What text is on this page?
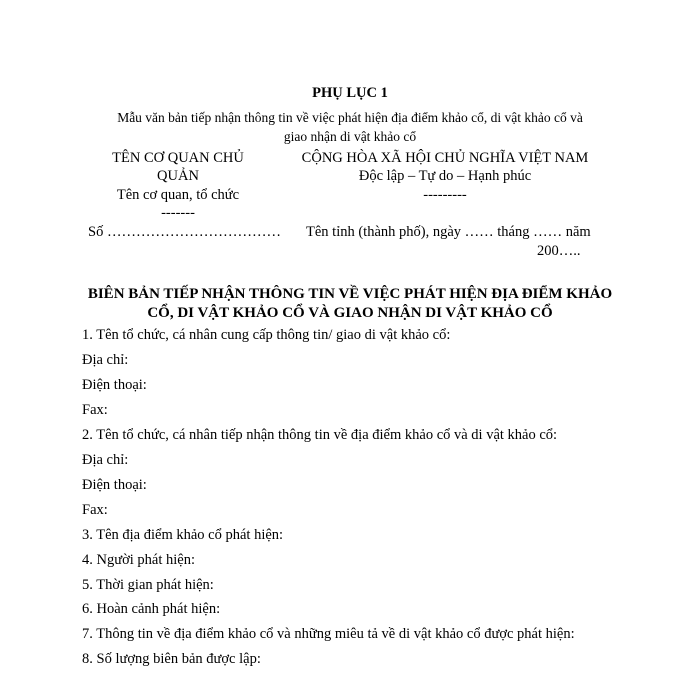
PHỤ LỤC 1
Mẫu văn bản tiếp nhận thông tin về việc phát hiện địa điểm khảo cổ, di vật khảo cổ và
giao nhận di vật khảo cổ
TÊN CƠ QUAN CHỦ
QUẢN
Tên cơ quan, tổ chức
-------
Số ………………………………
CỘNG HÒA XÃ HỘI CHỦ NGHĨA VIỆT NAM
Độc lập – Tự do – Hạnh phúc
---------
Tên tỉnh (thành phố), ngày …… tháng …… năm
200…..
BIÊN BẢN TIẾP NHẬN THÔNG TIN VỀ VIỆC PHÁT HIỆN ĐỊA ĐIỂM KHẢO
CỔ, DI VẬT KHẢO CỔ VÀ GIAO NHẬN DI VẬT KHẢO CỔ
1. Tên tổ chức, cá nhân cung cấp thông tin/ giao di vật khảo cổ:
Địa chỉ:
Điện thoại:
Fax:
2. Tên tổ chức, cá nhân tiếp nhận thông tin về địa điểm khảo cổ và di vật khảo cổ:
Địa chỉ:
Điện thoại:
Fax:
3. Tên địa điểm khảo cổ phát hiện:
4. Người phát hiện:
5. Thời gian phát hiện:
6. Hoàn cảnh phát hiện:
7. Thông tin về địa điểm khảo cổ và những miêu tả về di vật khảo cổ được phát hiện:
8. Số lượng biên bản được lập:
